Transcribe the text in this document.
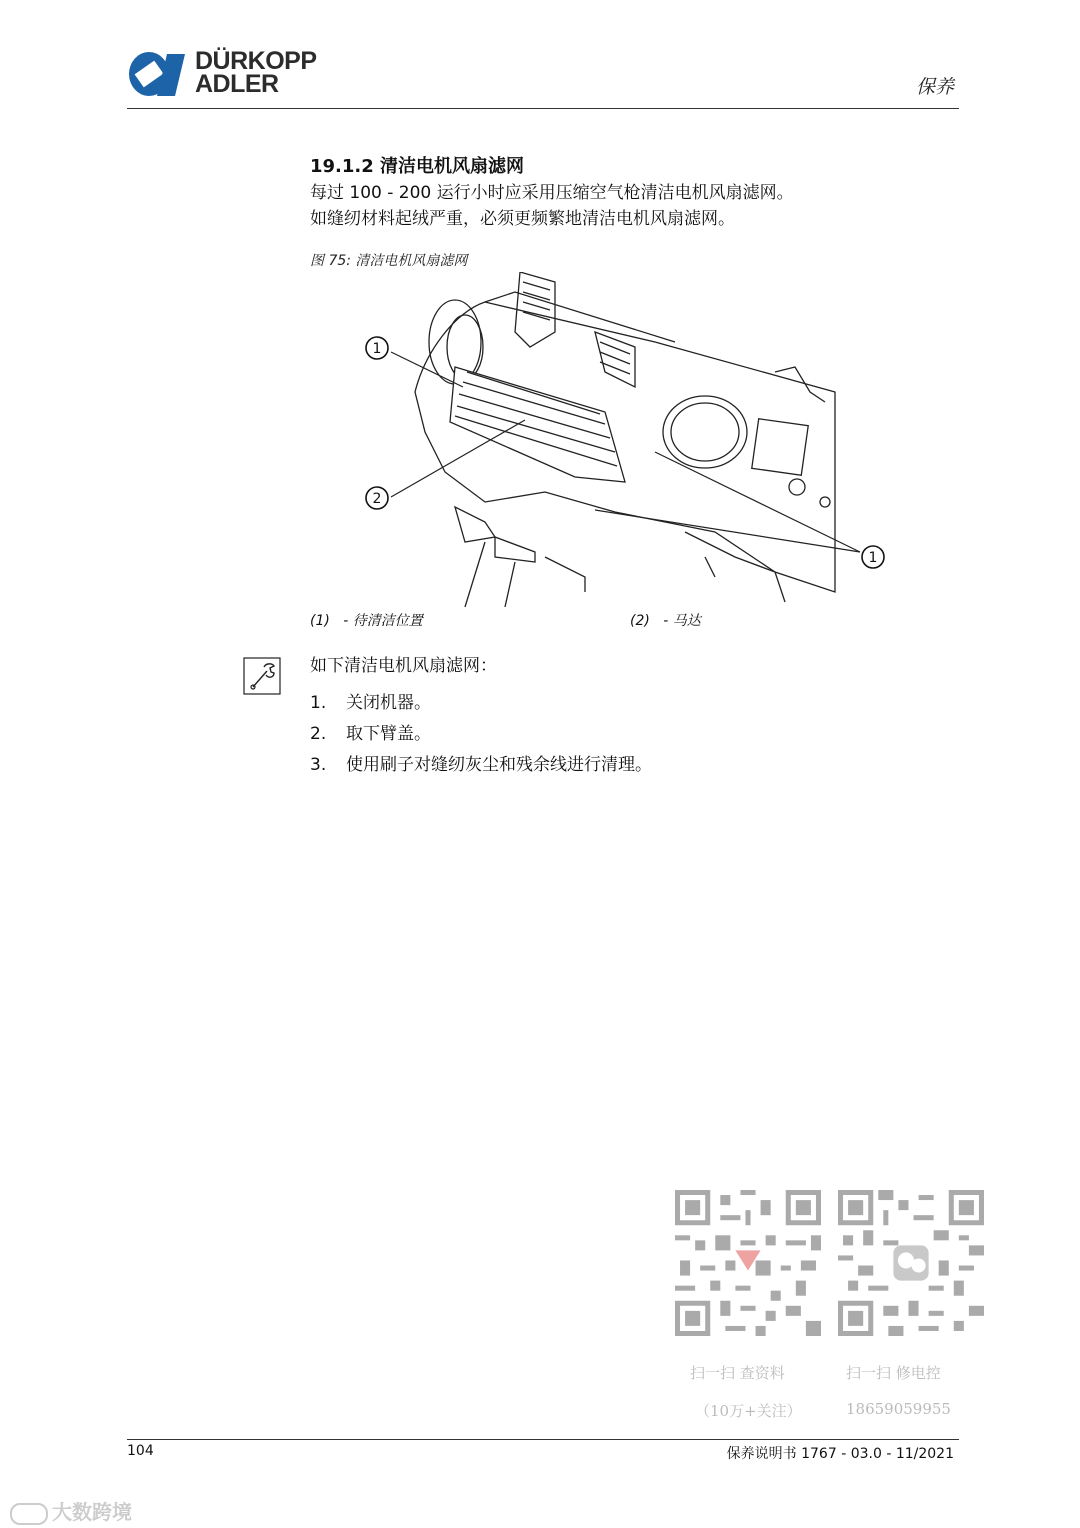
DÜRKOPP
ADLER	保养
19.1.2 清洁电机风扇滤网
每过 100 - 200 运行小时应采用压缩空气枪清洁电机风扇滤网。
如缝纫材料起绒严重，必须更频繁地清洁电机风扇滤网。
图 75: 清洁电机风扇滤网
1
2
1
(1) - 待清洁位置	(2) - 马达
如下清洁电机风扇滤网：
1. 关闭机器。
2. 取下臂盖。
3. 使用刷子对缝纫灰尘和残余线进行清理。
扫一扫 查资料
（10万+关注）
扫一扫 修电控
18659059955
104	保养说明书 1767 - 03.0 - 11/2021
大数跨境
